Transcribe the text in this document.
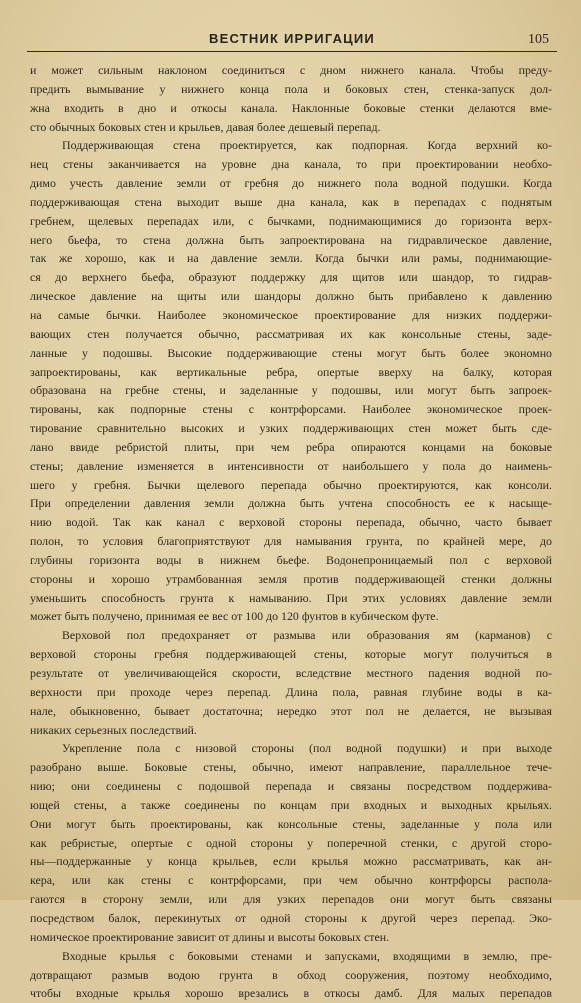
ВЕСТНИК ИРРИГАЦИИ	105
и может сильным наклоном соединиться с дном нижнего канала. Чтобы преду-
предить вымывание у нижнего конца пола и боковых стен, стенка-запуск дол-
жна входить в дно и откосы канала. Наклонные боковые стенки делаются вме-
сто обычных боковых стен и крыльев, давая более дешевый перепад.
Поддерживающая стена проектируется, как подпорная. Когда верхний ко-
нец стены заканчивается на уровне дна канала, то при проектировании необхо-
димо учесть давление земли от гребня до нижнего пола водной подушки. Когда
поддерживающая стена выходит выше дна канала, как в перепадах с поднятым
гребнем, щелевых перепадах или, с бычками, поднимающимися до горизонта верх-
него бьефа, то стена должна быть запроектирована на гидравлическое давление,
так же хорошо, как и на давление земли. Когда бычки или рамы, поднимающие-
ся до верхнего бьефа, образуют поддержку для щитов или шандор, то гидрав-
лическое давление на щиты или шандоры должно быть прибавлено к давлению
на самые бычки. Наиболее экономическое проектирование для низких поддержи-
вающих стен получается обычно, рассматривая их как консольные стены, заде-
ланные у подошвы. Высокие поддерживающие стены могут быть более экономно
запроектированы, как вертикальные ребра, опертые вверху на балку, которая
образована на гребне стены, и заделанные у подошвы, или могут быть запроек-
тированы, как подпорные стены с контрфорсами. Наиболее экономическое проек-
тирование сравнительно высоких и узких поддерживающих стен может быть сде-
лано ввиде ребристой плиты, при чем ребра опираются концами на боковые
стены; давление изменяется в интенсивности от наибольшего у пола до наимень-
шего у гребня. Бычки щелевого перепада обычно проектируются, как консоли.
При определении давления земли должна быть учтена способность ее к насыще-
нию водой. Так как канал с верховой стороны перепада, обычно, часто бывает
полон, то условия благоприятствуют для намывания грунта, по крайней мере, до
глубины горизонта воды в нижнем бьефе. Водонепроницаемый пол с верховой
стороны и хорошо утрамбованная земля против поддерживающей стенки должны
уменьшить способность грунта к намыванию. При этих условиях давление земли
может быть получено, принимая ее вес от 100 до 120 фунтов в кубическом футе.
Верховой пол предохраняет от размыва или образования ям (карманов) с
верховой стороны гребня поддерживающей стены, которые могут получиться в
результате от увеличивающейся скорости, вследствие местного падения водной по-
верхности при проходе через перепад. Длина пола, равная глубине воды в ка-
нале, обыкновенно, бывает достаточна; нередко этот пол не делается, не вызывая
никаких серьезных последствий.
Укрепление пола с низовой стороны (пол водной подушки) и при выходе
разобрано выше. Боковые стены, обычно, имеют направление, параллельное тече-
нию; они соединены с подошвой перепада и связаны посредством поддержива-
ющей стены, а также соединены по концам при входных и выходных крыльях.
Они могут быть проектированы, как консольные стены, заделанные у пола или
как ребристые, опертые с одной стороны у поперечной стенки, с другой сторо-
ны—поддержанные у конца крыльев, если крылья можно рассматривать, как ан-
кера, или как стены с контрфорсами, при чем обычно контрфорсы распола-
гаются в сторону земли, или для узких перепадов они могут быть связаны
посредством балок, перекинутых от одной стороны к другой через перепад. Эко-
номическое проектирование зависит от длины и высоты боковых стен.
Входные крылья с боковыми стенами и запусками, входящими в землю, пре-
дотвращают размыв водою грунта в обход сооружения, поэтому необходимо,
чтобы входные крылья хорошо врезались в откосы дамб. Для малых перепадов
